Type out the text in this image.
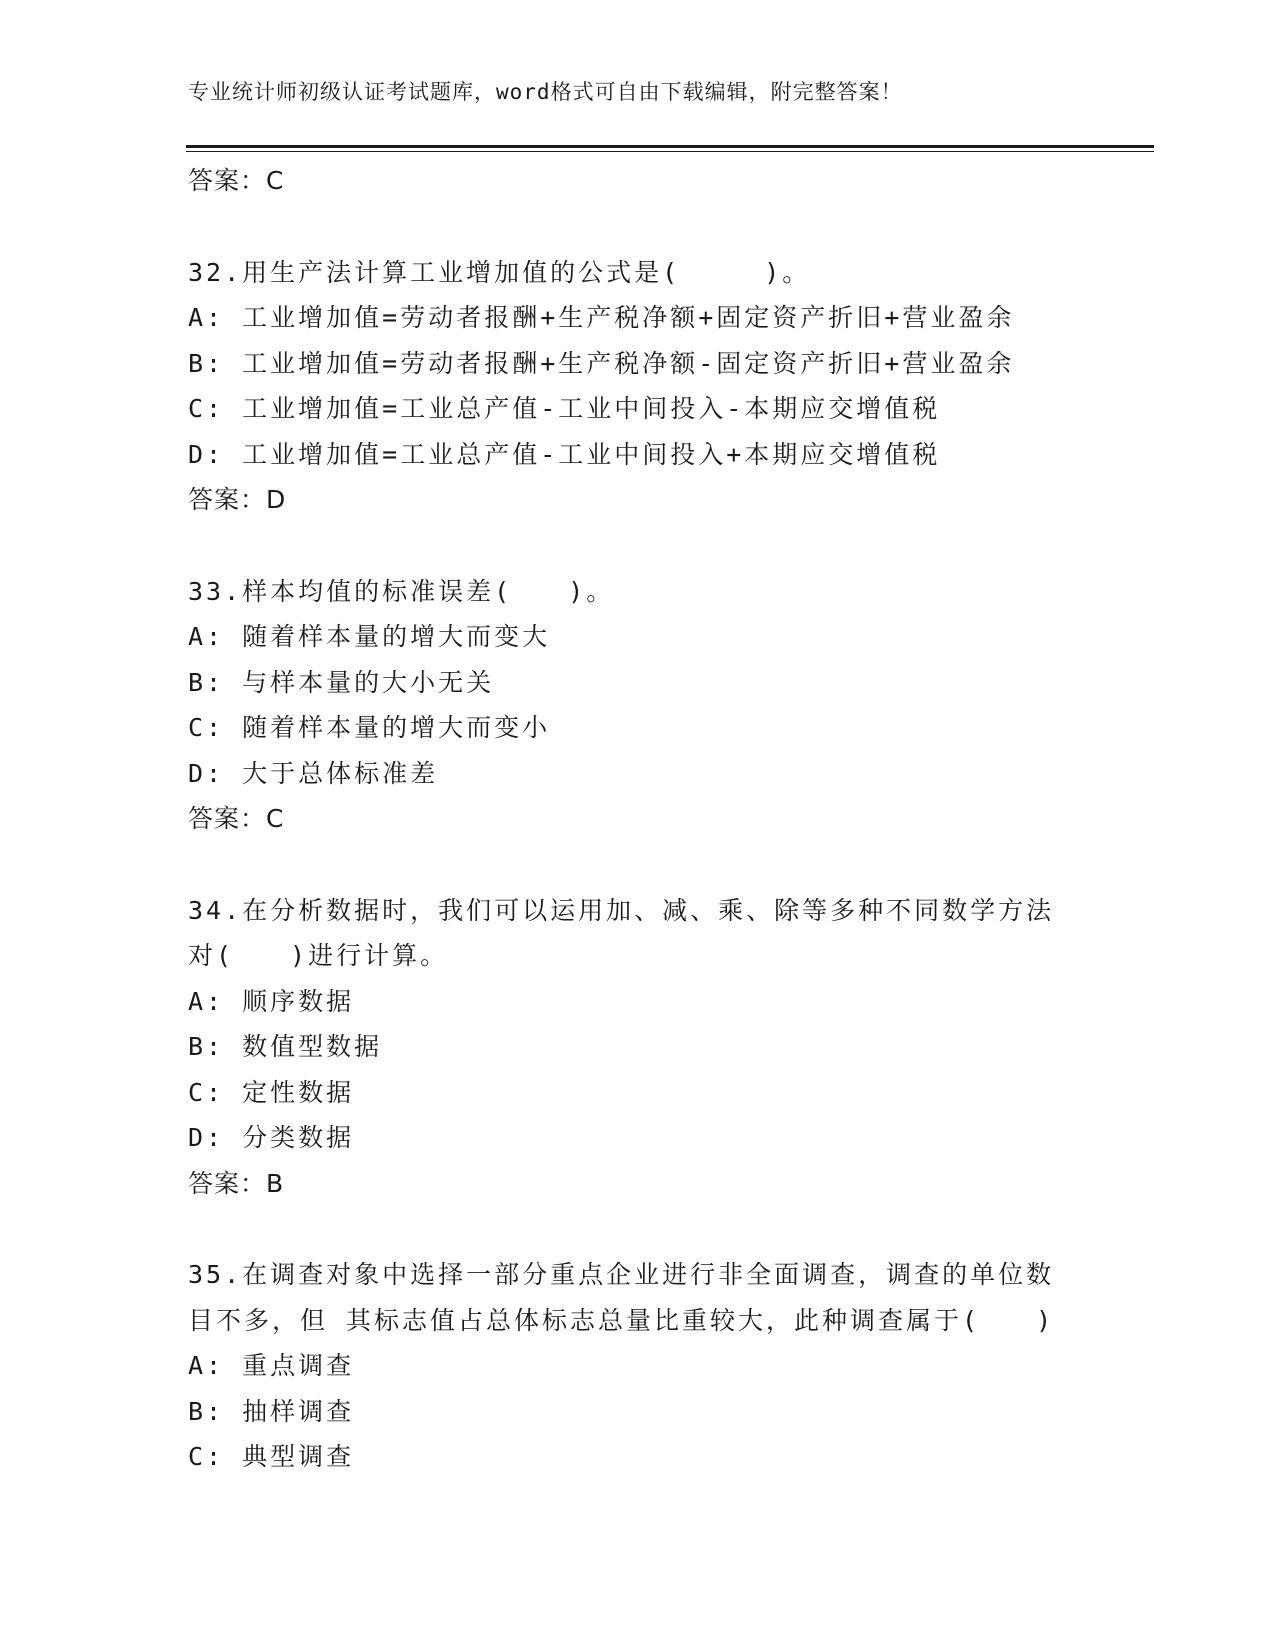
专业统计师初级认证考试题库，word格式可自由下载编辑，附完整答案！
答案：C
32.用生产法计算工业增加值的公式是(　　　)。
A: 工业增加值=劳动者报酬+生产税净额+固定资产折旧+营业盈余
B: 工业增加值=劳动者报酬+生产税净额-固定资产折旧+营业盈余
C: 工业增加值=工业总产值-工业中间投入-本期应交增值税
D: 工业增加值=工业总产值-工业中间投入+本期应交增值税
答案：D
33.样本均值的标准误差(　　)。
A: 随着样本量的增大而变大
B: 与样本量的大小无关
C: 随着样本量的增大而变小
D: 大于总体标准差
答案：C
34.在分析数据时，我们可以运用加、减、乘、除等多种不同数学方法
对(　　)进行计算。
A: 顺序数据
B: 数值型数据
C: 定性数据
D: 分类数据
答案：B
35.在调查对象中选择一部分重点企业进行非全面调查，调查的单位数
目不多，但 其标志值占总体标志总量比重较大，此种调查属于(　　)
A: 重点调查
B: 抽样调查
C: 典型调查
